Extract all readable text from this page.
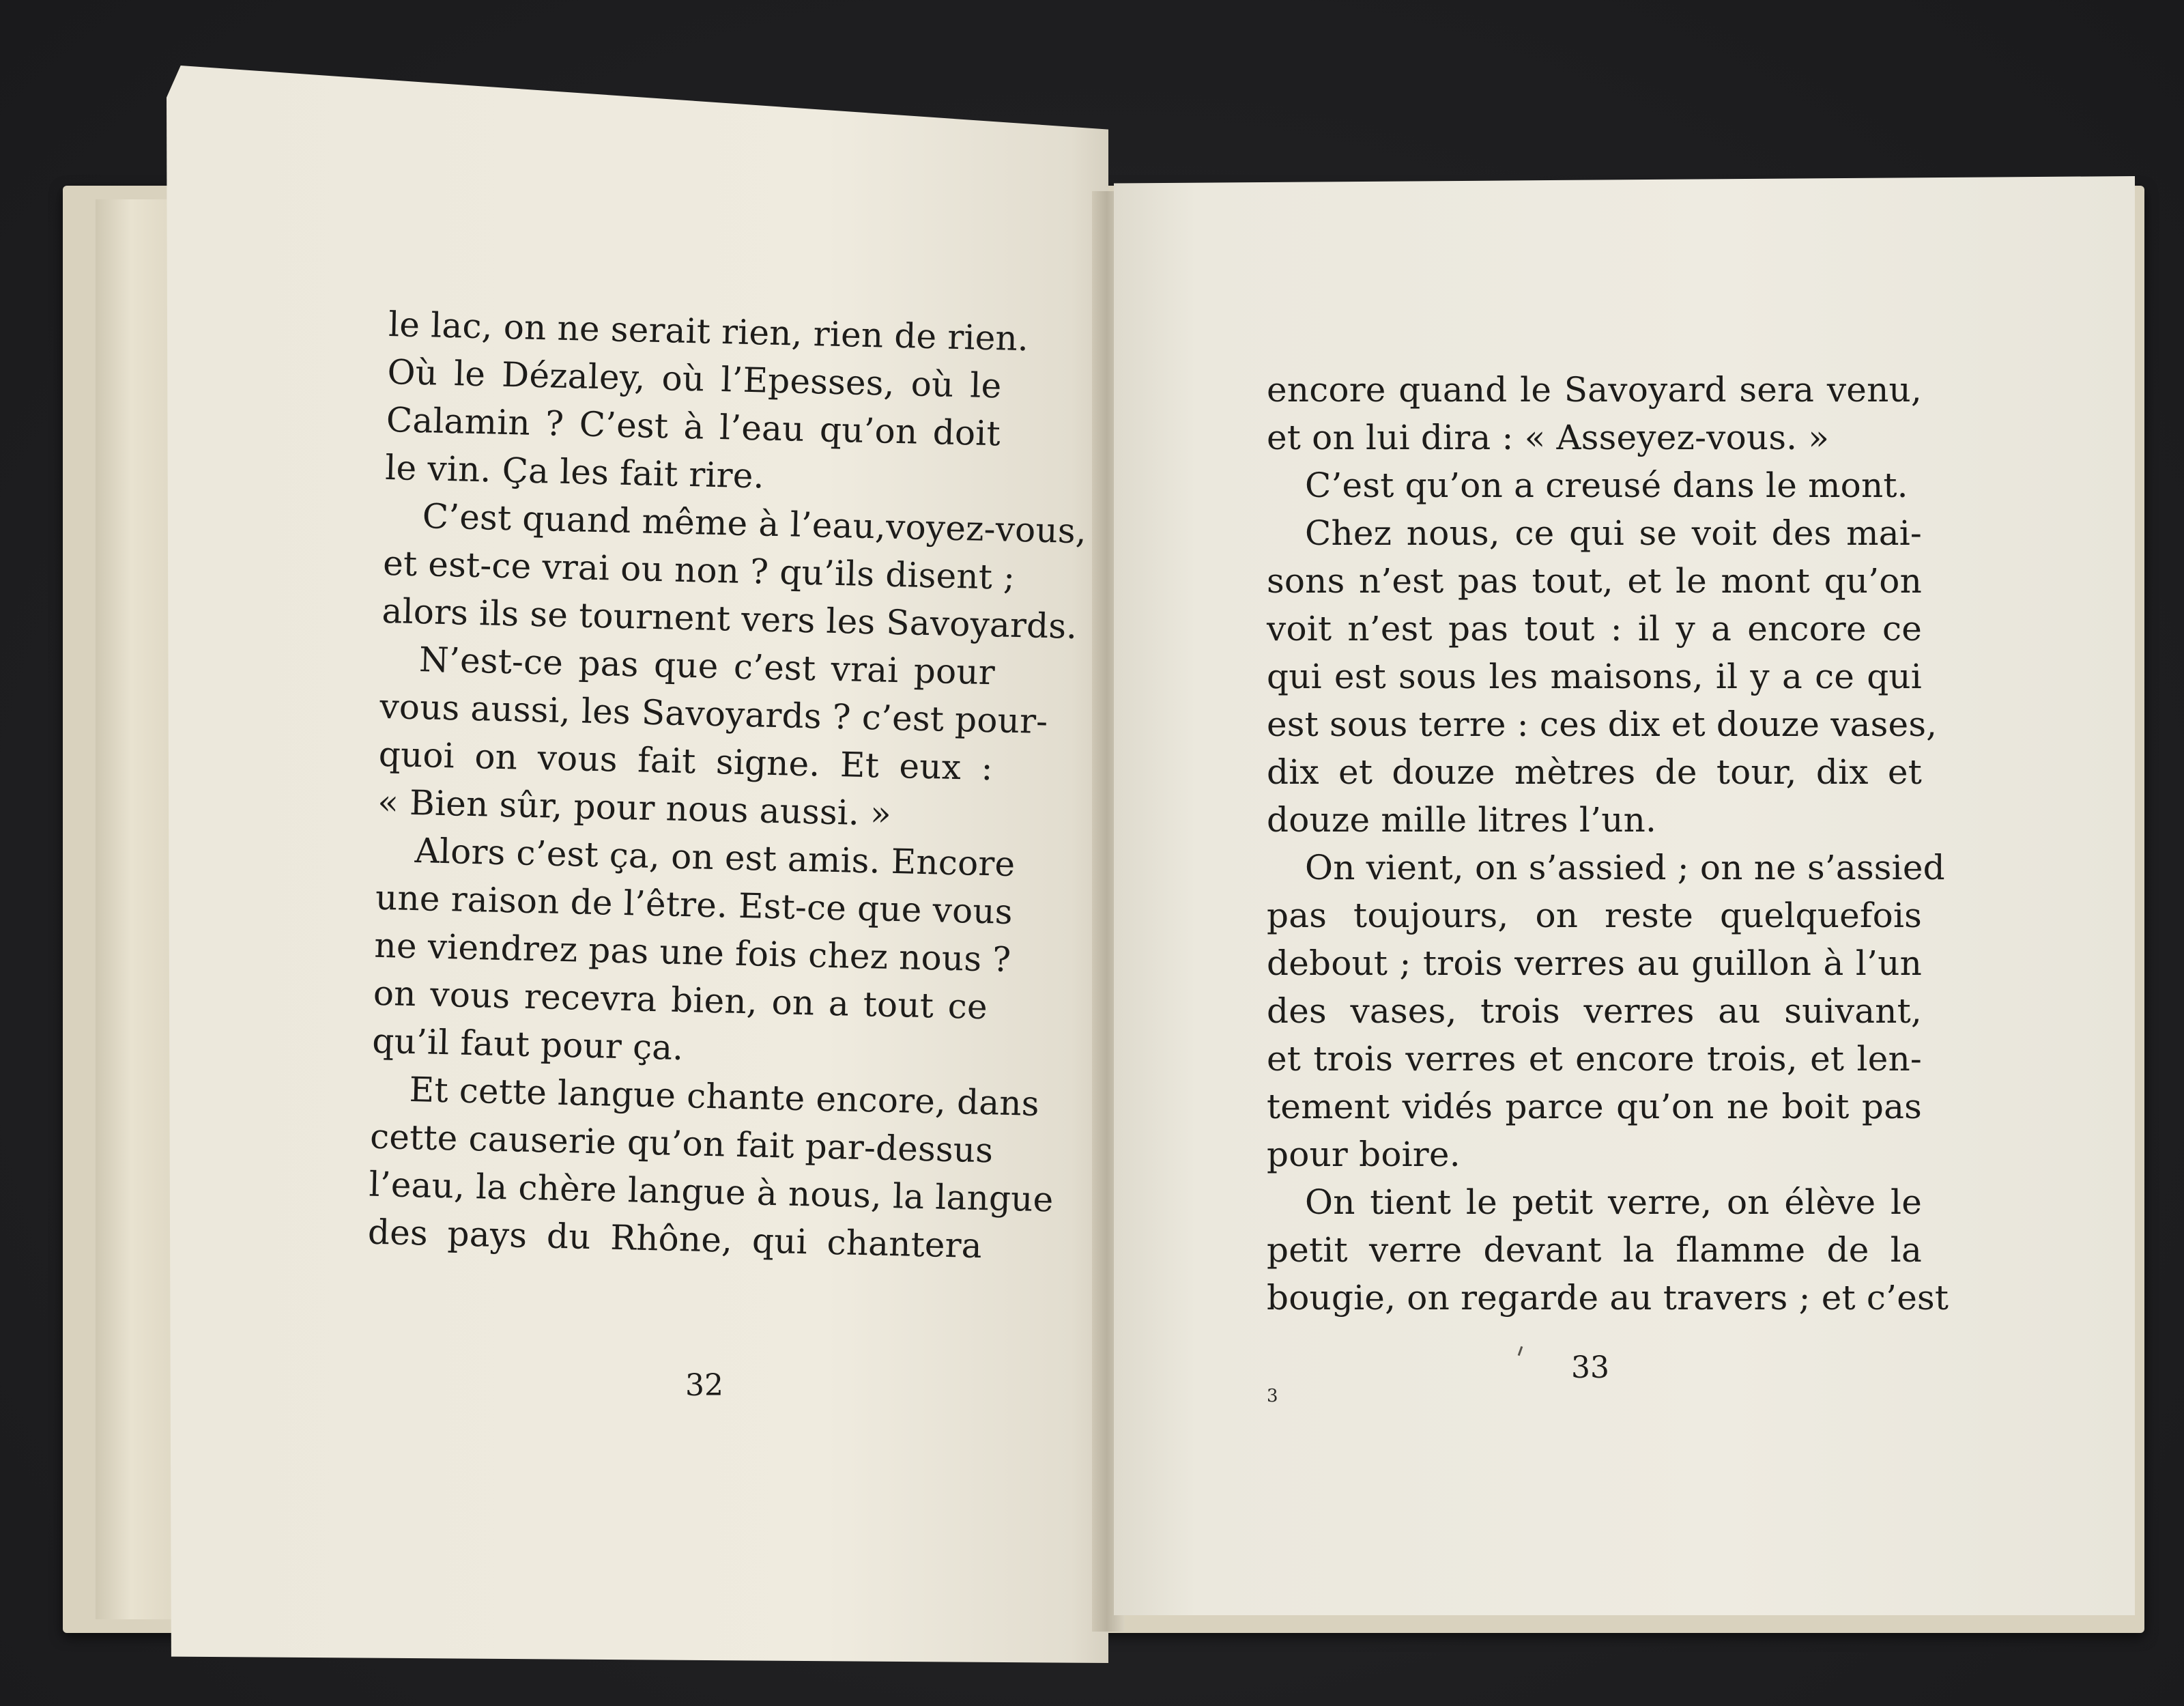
le lac, on ne serait rien, rien de rien.
Où le Dézaley, où l’Epesses, où le
Calamin ? C’est à l’eau qu’on doit
le vin. Ça les fait rire.
C’est quand même à l’eau,voyez-vous,
et est-ce vrai ou non ? qu’ils disent ;
alors ils se tournent vers les Savoyards.
N’est-ce pas que c’est vrai pour
vous aussi, les Savoyards ? c’est pour-
quoi on vous fait signe. Et eux :
« Bien sûr, pour nous aussi. »
Alors c’est ça, on est amis. Encore
une raison de l’être. Est-ce que vous
ne viendrez pas une fois chez nous ?
on vous recevra bien, on a tout ce
qu’il faut pour ça.
Et cette langue chante encore, dans
cette causerie qu’on fait par-dessus
l’eau, la chère langue à nous, la langue
des pays du Rhône, qui chantera
32
encore quand le Savoyard sera venu,
et on lui dira : « Asseyez-vous. »
C’est qu’on a creusé dans le mont.
Chez nous, ce qui se voit des mai-
sons n’est pas tout, et le mont qu’on
voit n’est pas tout : il y a encore ce
qui est sous les maisons, il y a ce qui
est sous terre : ces dix et douze vases,
dix et douze mètres de tour, dix et
douze mille litres l’un.
On vient, on s’assied ; on ne s’assied
pas toujours, on reste quelquefois
debout ; trois verres au guillon à l’un
des vases, trois verres au suivant,
et trois verres et encore trois, et len-
tement vidés parce qu’on ne boit pas
pour boire.
On tient le petit verre, on élève le
petit verre devant la flamme de la
bougie, on regarde au travers ; et c’est
33
3
